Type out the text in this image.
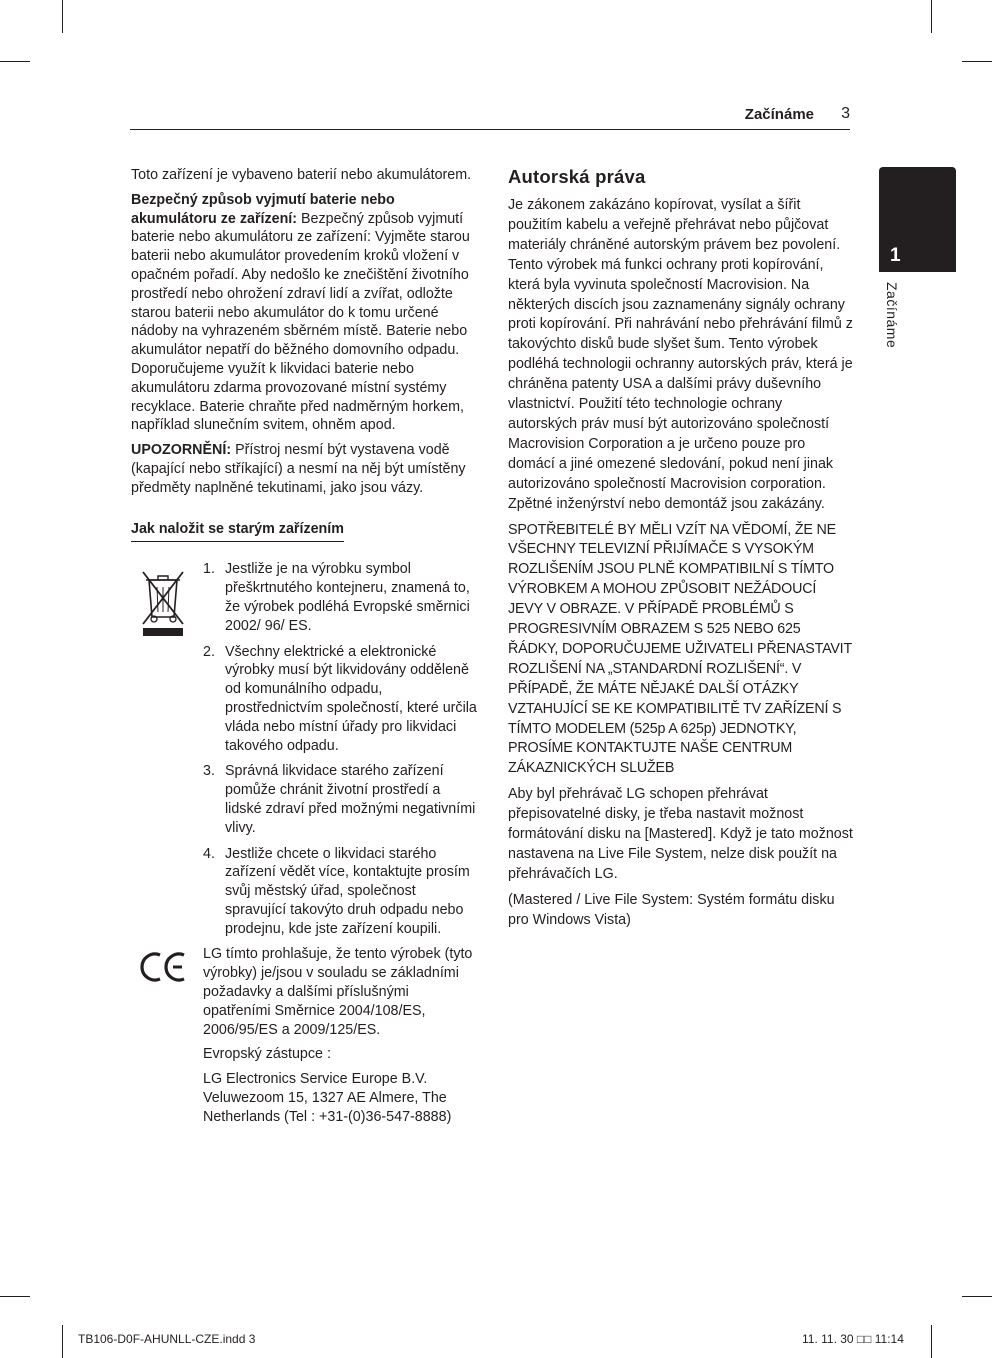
Začínáme 3
1
Začínáme

Toto zařízení je vybaveno baterií nebo akumulátorem.

Bezpečný způsob vyjmutí baterie nebo akumulátoru ze zařízení: Bezpečný způsob vyjmutí baterie nebo akumulátoru ze zařízení: Vyjměte starou baterii nebo akumulátor provedením kroků vložení v opačném pořadí. Aby nedošlo ke znečištění životního prostředí nebo ohrožení zdraví lidí a zvířat, odložte starou baterii nebo akumulátor do k tomu určené nádoby na vyhrazeném sběrném místě. Baterie nebo akumulátor nepatří do běžného domovního odpadu. Doporučujeme využít k likvidaci baterie nebo akumulátoru zdarma provozované místní systémy recyklace. Baterie chraňte před nadměrným horkem, například slunečním svitem, ohněm apod.

UPOZORNĚNÍ: Přístroj nesmí být vystavena vodě (kapající nebo stříkající) a nesmí na něj být umístěny předměty naplněné tekutinami, jako jsou vázy.

Jak naložit se starým zařízením
1. Jestliže je na výrobku symbol přeškrtnutého kontejneru, znamená to, že výrobek podléhá Evropské směrnici 2002/ 96/ ES.
2. Všechny elektrické a elektronické výrobky musí být likvidovány odděleně od komunálního odpadu, prostřednictvím společností, které určila vláda nebo místní úřady pro likvidaci takového odpadu.
3. Správná likvidace starého zařízení pomůže chránit životní prostředí a lidské zdraví před možnými negativními vlivy.
4. Jestliže chcete o likvidaci starého zařízení vědět více, kontaktujte prosím svůj městský úřad, společnost spravující takovýto druh odpadu nebo prodejnu, kde jste zařízení koupili.

LG tímto prohlašuje, že tento výrobek (tyto výrobky) je/jsou v souladu se základními požadavky a dalšími příslušnými opatřeními Směrnice 2004/108/ES, 2006/95/ES a 2009/125/ES.

Evropský zástupce :

LG Electronics Service Europe B.V. Veluwezoom 15, 1327 AE Almere, The Netherlands (Tel : +31-(0)36-547-8888)

Autorská práva

Je zákonem zakázáno kopírovat, vysílat a šířit použitím kabelu a veřejně přehrávat nebo půjčovat materiály chráněné autorským právem bez povolení. Tento výrobek má funkci ochrany proti kopírování, která byla vyvinuta společností Macrovision. Na některých discích jsou zaznamenány signály ochrany proti kopírování. Při nahrávání nebo přehrávání filmů z takovýchto disků bude slyšet šum. Tento výrobek podléhá technologii ochranny autorských práv, která je chráněna patenty USA a dalšími právy duševního vlastnictví. Použití této technologie ochrany autorských práv musí být autorizováno společností Macrovision Corporation a je určeno pouze pro domácí a jiné omezené sledování, pokud není jinak autorizováno společností Macrovision corporation. Zpětné inženýrství nebo demontáž jsou zakázány.

SPOTŘEBITELÉ BY MĚLI VZÍT NA VĚDOMÍ, ŽE NE VŠECHNY TELEVIZNÍ PŘIJÍMAČE S VYSOKÝM ROZLIŠENÍM JSOU PLNĚ KOMPATIBILNÍ S TÍMTO VÝROBKEM A MOHOU ZPŮSOBIT NEŽÁDOUCÍ JEVY V OBRAZE. V PŘÍPADĚ PROBLÉMŮ S PROGRESIVNÍM OBRAZEM S 525 NEBO 625 ŘÁDKY, DOPORUČUJEME UŽIVATELI PŘENASTAVIT ROZLIŠENÍ NA „STANDARDNÍ ROZLIŠENÍ“. V PŘÍPADĚ, ŽE MÁTE NĚJAKÉ DALŠÍ OTÁZKY VZTAHUJÍCÍ SE KE KOMPATIBILITĚ TV ZAŘÍZENÍ S TÍMTO MODELEM (525p A 625p) JEDNOTKY, PROSÍME KONTAKTUJTE NAŠE CENTRUM ZÁKAZNICKÝCH SLUŽEB

Aby byl přehrávač LG schopen přehrávat přepisovatelné disky, je třeba nastavit možnost formátování disku na [Mastered]. Když je tato možnost nastavena na Live File System, nelze disk použít na přehrávačích LG.

(Mastered / Live File System: Systém formátu disku pro Windows Vista)

TB106-D0F-AHUNLL-CZE.indd 3	11. 11. 30 □□ 11:14
